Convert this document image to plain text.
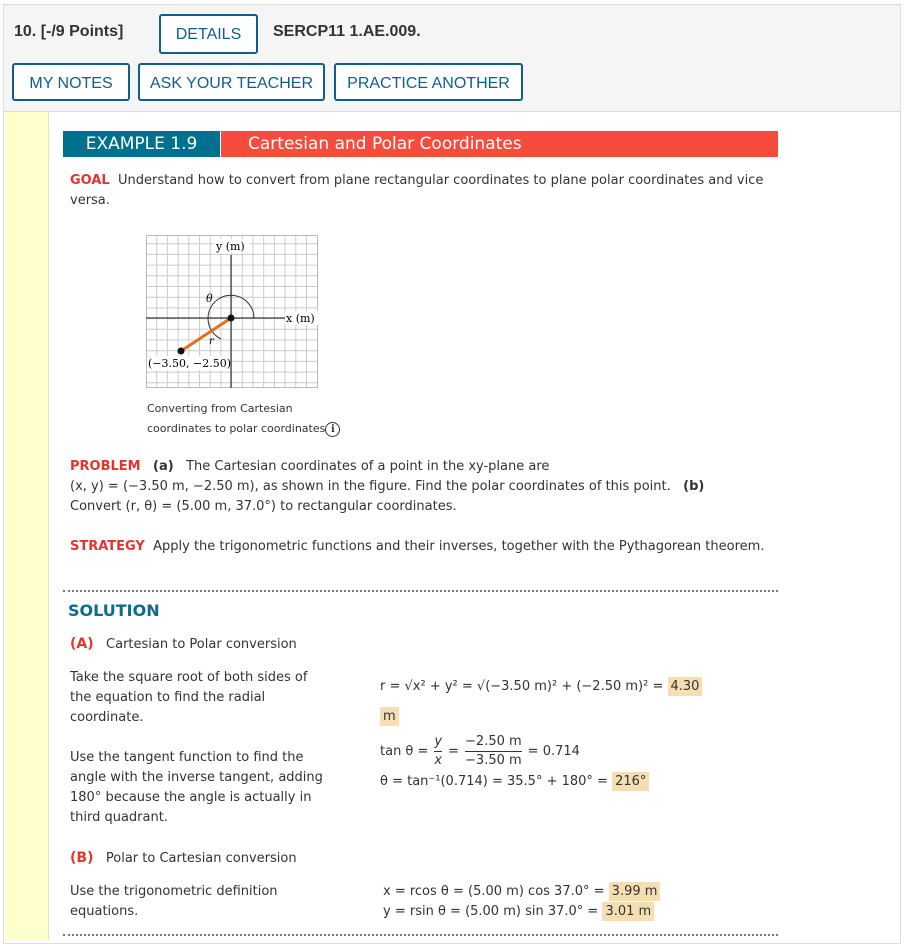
10. [-/9 Points]	DETAILS	SERCP11 1.AE.009.
MY NOTES	ASK YOUR TEACHER	PRACTICE ANOTHER
EXAMPLE 1.9	Cartesian and Polar Coordinates
GOAL Understand how to convert from plane rectangular coordinates to plane polar coordinates and vice versa.
y (m)
x (m)
θ
r
(−3.50, −2.50)
Converting from Cartesian
coordinates to polar coordinates i
PROBLEM (a) The Cartesian coordinates of a point in the xy-plane are
(x, y) = (−3.50 m, −2.50 m), as shown in the figure. Find the polar coordinates of this point. (b)
Convert (r, θ) = (5.00 m, 37.0°) to rectangular coordinates.
STRATEGY Apply the trigonometric functions and their inverses, together with the Pythagorean theorem.
SOLUTION
(A) Cartesian to Polar conversion
Take the square root of both sides of the equation to find the radial coordinate.
r = √x² + y² = √(−3.50 m)² + (−2.50 m)² = 4.30
m
Use the tangent function to find the angle with the inverse tangent, adding 180° because the angle is actually in third quadrant.
$\tan \theta = \frac{y}{x} = \frac{-2.50 m}{-3.50 m} = 0.714$
θ = tan⁻¹(0.714) = 35.5° + 180° = 216°
(B) Polar to Cartesian conversion
Use the trigonometric definition equations.
x = rcos θ = (5.00 m) cos 37.0° = 3.99 m
y = rsin θ = (5.00 m) sin 37.0° = 3.01 m
